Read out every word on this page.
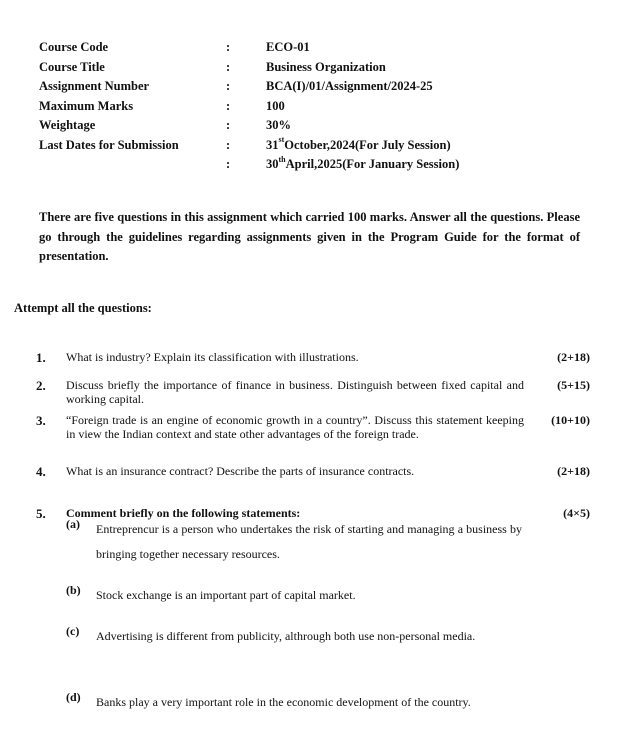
Course Code	:	ECO-01
Course Title	:	Business Organization
Assignment Number	:	BCA(I)/01/Assignment/2024-25
Maximum Marks	:	100
Weightage	:	30%
Last Dates for Submission	:	31stOctober,2024(For July Session)
:	30thApril,2025(For January Session)

There are five questions in this assignment which carried 100 marks. Answer all the questions. Please go through the guidelines regarding assignments given in the Program Guide for the format of presentation.

Attempt all the questions:
1. What is industry? Explain its classification with illustrations.	(2+18)
2. Discuss briefly the importance of finance in business. Distinguish between fixed capital and working capital.
(5+15)
3. “Foreign trade is an engine of economic growth in a country”. Discuss this statement keeping in view the Indian context and state other advantages of the foreign trade.
(10+10)
4. What is an insurance contract? Describe the parts of insurance contracts.	(2+18)
5. Comment briefly on the following statements:	(4×5)
(a) Entreprencur is a person who undertakes the risk of starting and managing a business by bringing together necessary resources.
(b) Stock exchange is an important part of capital market.
(c) Advertising is different from publicity, althrough both use non-personal media.
(d) Banks play a very important role in the economic development of the country.
